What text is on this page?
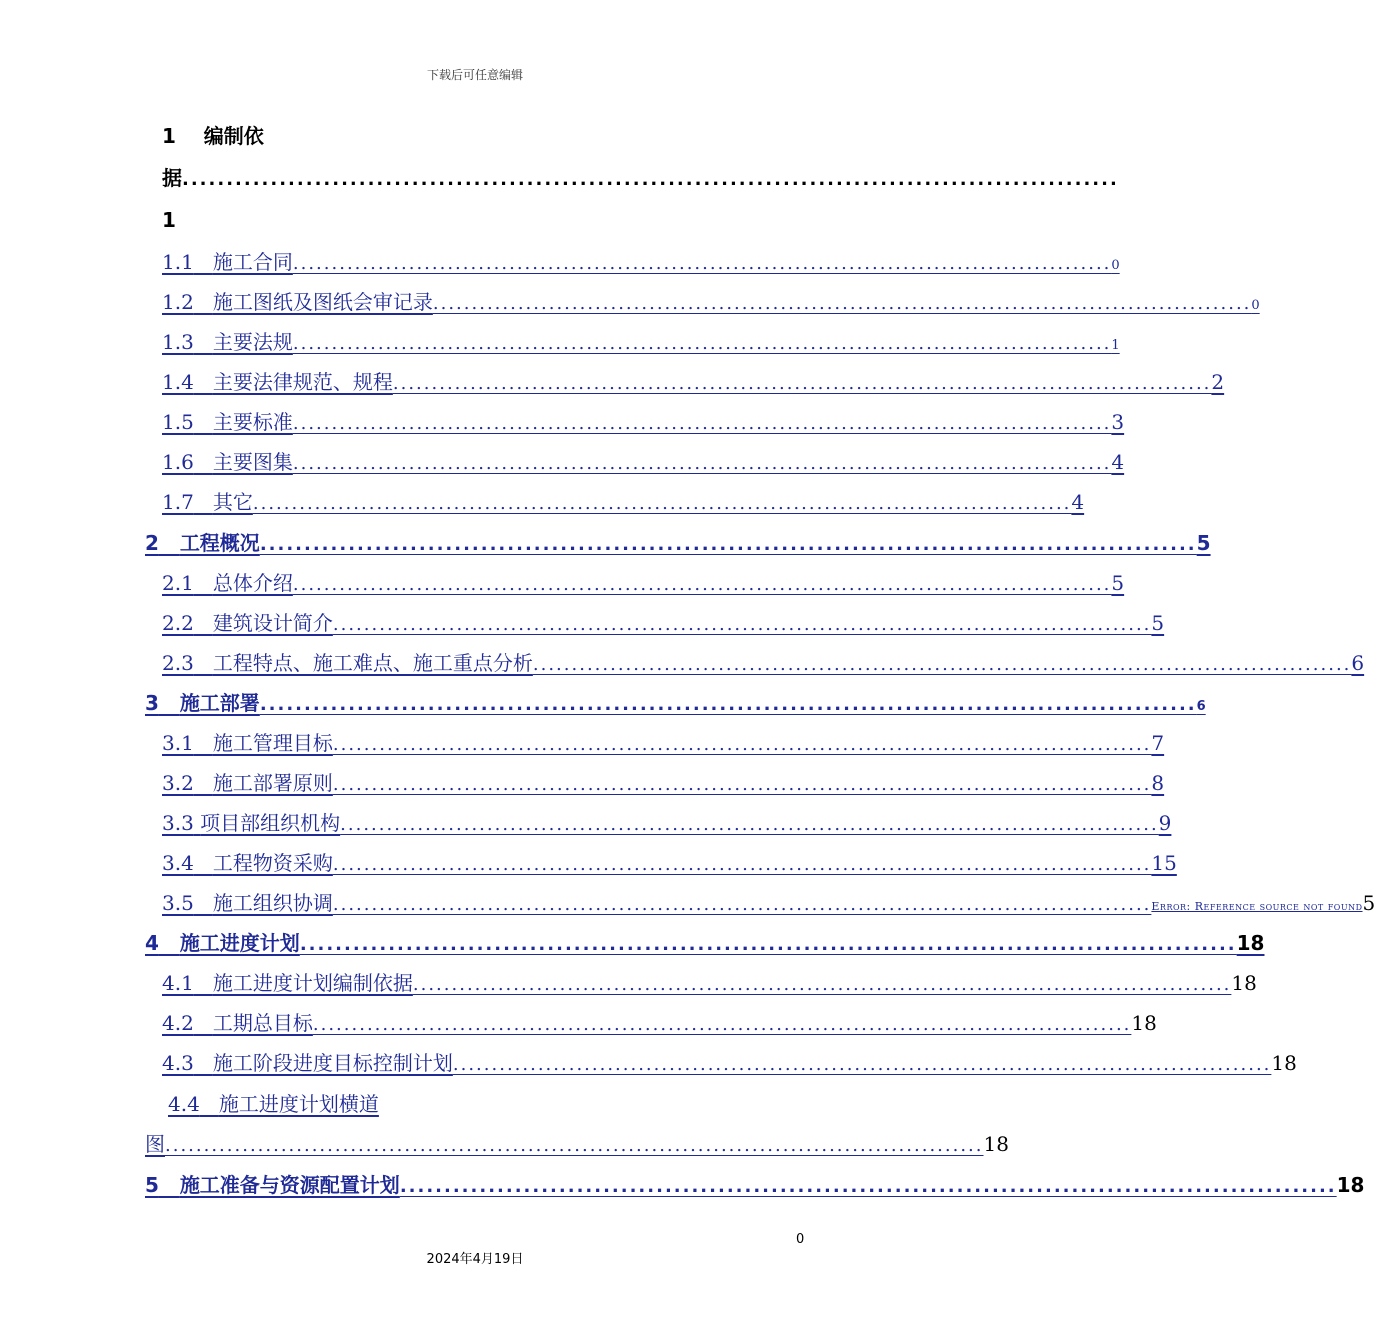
下载后可任意编辑
1 编制依
据 ..........................................................................................................
1
1.1 施工合同 .......................................................................................................... 0
1.2 施工图纸及图纸会审记录 .......................................................................................................... 0
1.3 主要法规 .......................................................................................................... 1
1.4 主要法律规范、规程 .......................................................................................................... 2
1.5 主要标准 .......................................................................................................... 3
1.6 主要图集 .......................................................................................................... 4
1.7 其它 .......................................................................................................... 4
2 工程概况 .......................................................................................................... 5
2.1 总体介绍 .......................................................................................................... 5
2.2 建筑设计简介 .......................................................................................................... 5
2.3 工程特点、施工难点、施工重点分析 .......................................................................................................... 6
3 施工部署 .......................................................................................................... 6
3.1 施工管理目标 .......................................................................................................... 7
3.2 施工部署原则 .......................................................................................................... 8
3.3 项目部组织机构 .......................................................................................................... 9
3.4 工程物资采购 .......................................................................................................... 15
3.5 施工组织协调 .......................................................................................................... Error: Reference source not found 5
4 施工进度计划 .......................................................................................................... 18
4.1 施工进度计划编制依据 .......................................................................................................... 18
4.2 工期总目标 .......................................................................................................... 18
4.3 施工阶段进度目标控制计划 .......................................................................................................... 18
4.4 施工进度计划横道
图 .......................................................................................................... 18
5 施工准备与资源配置计划 .......................................................................................................... 18
0
2024年4月19日
